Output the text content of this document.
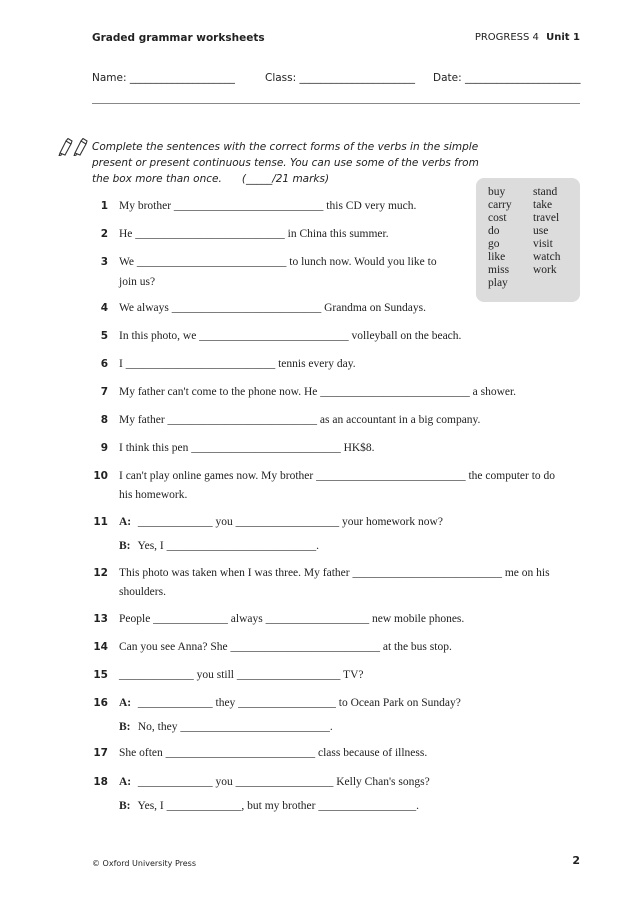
Graded grammar worksheets	PROGRESS 4 Unit 1
Name: ____________________	Class: ______________________ Date: ______________________
Complete the sentences with the correct forms of the verbs in the simple present or present continuous tense. You can use some of the verbs from the box more than once. (_____/21 marks)
buy
carry
cost
do
go
like
miss
play
stand
take
travel
use
visit
watch
work
1 My brother __________________________ this CD very much.
2 He __________________________ in China this summer.
3 We __________________________ to lunch now. Would you like to
join us?
4 We always __________________________ Grandma on Sundays.
5 In this photo, we __________________________ volleyball on the beach.
6 I __________________________ tennis every day.
7 My father can't come to the phone now. He __________________________ a shower.
8 My father __________________________ as an accountant in a big company.
9 I think this pen __________________________ HK$8.
10 I can't play online games now. My brother __________________________ the computer to do
his homework.
11 A: _____________ you __________________ your homework now?
B: Yes, I __________________________.
12 This photo was taken when I was three. My father __________________________ me on his
shoulders.
13 People _____________ always __________________ new mobile phones.
14 Can you see Anna? She __________________________ at the bus stop.
15 _____________ you still __________________ TV?
16 A: _____________ they _________________ to Ocean Park on Sunday?
B: No, they __________________________.
17 She often __________________________ class because of illness.
18 A: _____________ you _________________ Kelly Chan's songs?
B: Yes, I _____________, but my brother _________________.
© Oxford University Press	2
